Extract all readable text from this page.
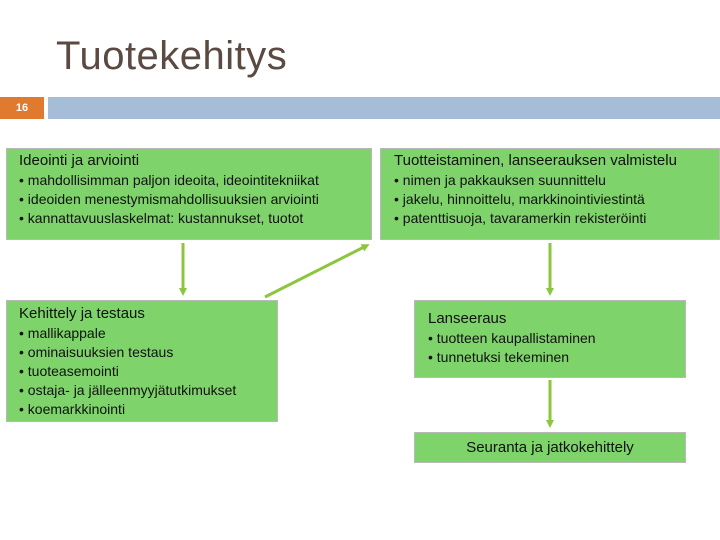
Tuotekehitys
16
Ideointi ja arviointi
• mahdollisimman paljon ideoita, ideointitekniikat
• ideoiden menestymismahdollisuuksien arviointi
• kannattavuuslaskelmat: kustannukset, tuotot
Tuotteistaminen, lanseerauksen valmistelu
• nimen ja pakkauksen suunnittelu
• jakelu, hinnoittelu, markkinointiviestintä
• patenttisuoja, tavaramerkin rekisteröinti
Kehittely ja testaus
• mallikappale
• ominaisuuksien testaus
• tuoteasemointi
• ostaja- ja jälleenmyyjätutkimukset
• koemarkkinointi
Lanseeraus
• tuotteen kaupallistaminen
• tunnetuksi tekeminen
Seuranta ja jatkokehittely
